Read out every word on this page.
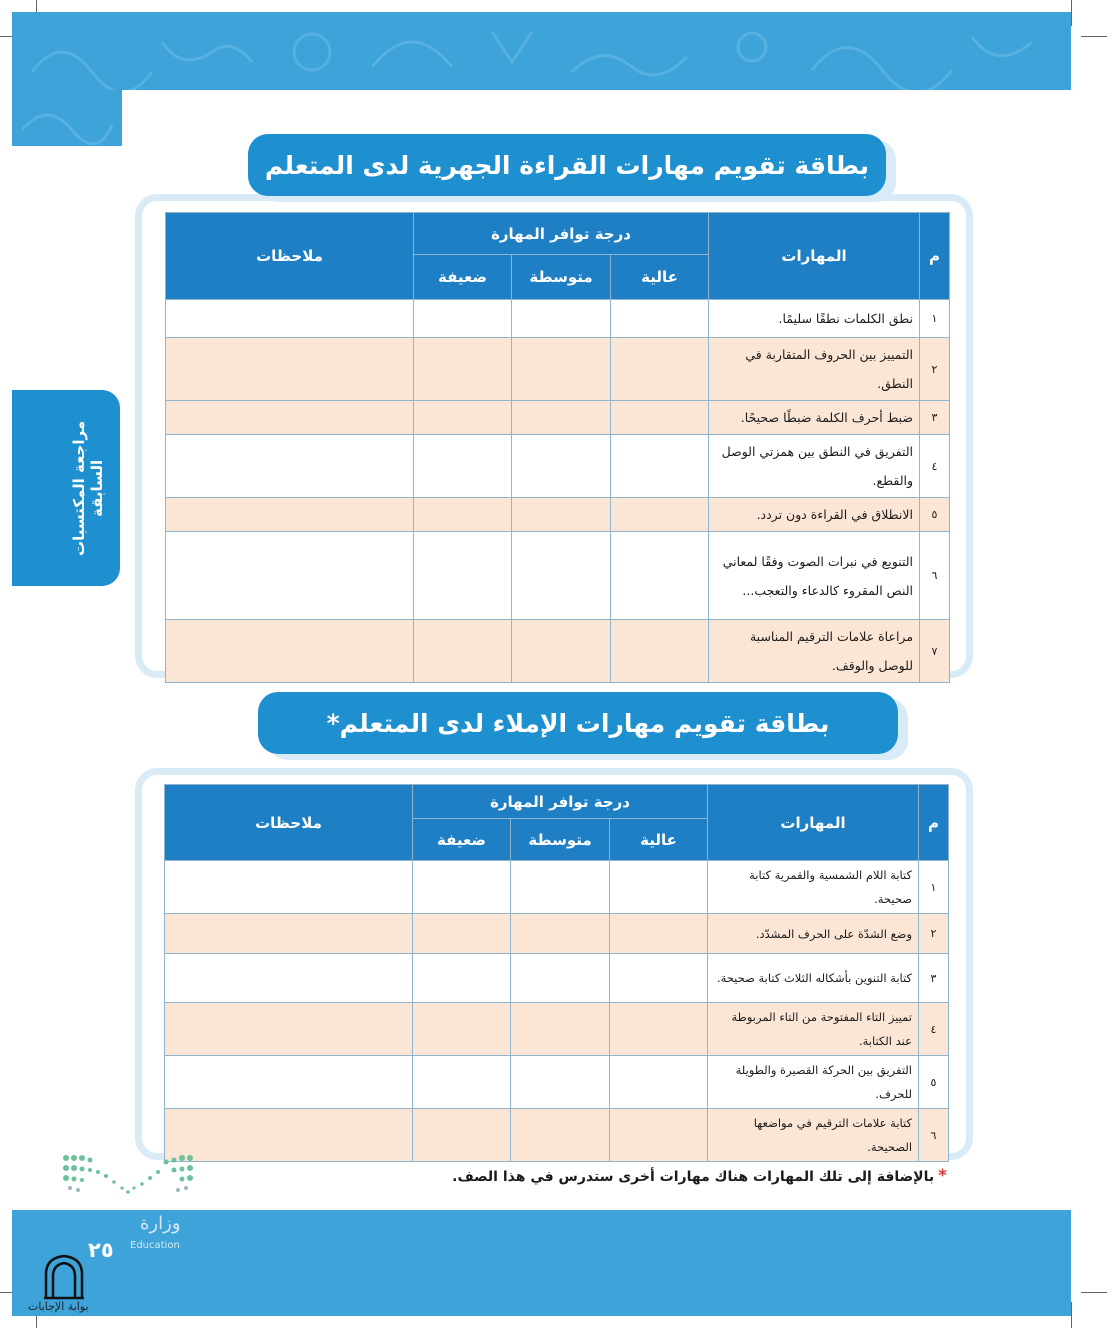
مراجعة المكتسبات السابقة
بطاقة تقويم مهارات القراءة الجهرية لدى المتعلم
م	المهارات	درجة توافر المهارة			ملاحظات
		عالية	متوسطة	ضعيفة	
١	نطق الكلمات نطقًا سليمًا.				
٢	التمييز بين الحروف المتقاربة في النطق.				
٣	ضبط أحرف الكلمة ضبطًا صحيحًا.				
٤	التفريق في النطق بين همزتي الوصل والقطع.				
٥	الانطلاق في القراءة دون تردد.				
٦	التنويع في نبرات الصوت وفقًا لمعاني النص المقروء كالدعاء والتعجب...				
٧	مراعاة علامات الترقيم المناسبة للوصل والوقف.				
بطاقة تقويم مهارات الإملاء لدى المتعلم*
م	المهارات	درجة توافر المهارة			ملاحظات
		عالية	متوسطة	ضعيفة	
١	كتابة اللام الشمسية والقمرية كتابة صحيحة.				
٢	وضع الشدّة على الحرف المشدّد.				
٣	كتابة التنوين بأشكاله الثلاث كتابة صحيحة.				
٤	تمييز التاء المفتوحة من التاء المربوطة عند الكتابة.				
٥	التفريق بين الحركة القصيرة والطويلة للحرف.				
٦	كتابة علامات الترقيم في مواضعها الصحيحة.				
*بالإضافة إلى تلك المهارات هناك مهارات أخرى ستدرس في هذا الصف.
وزارة
Education
٢٥
بوابة الإجابات
